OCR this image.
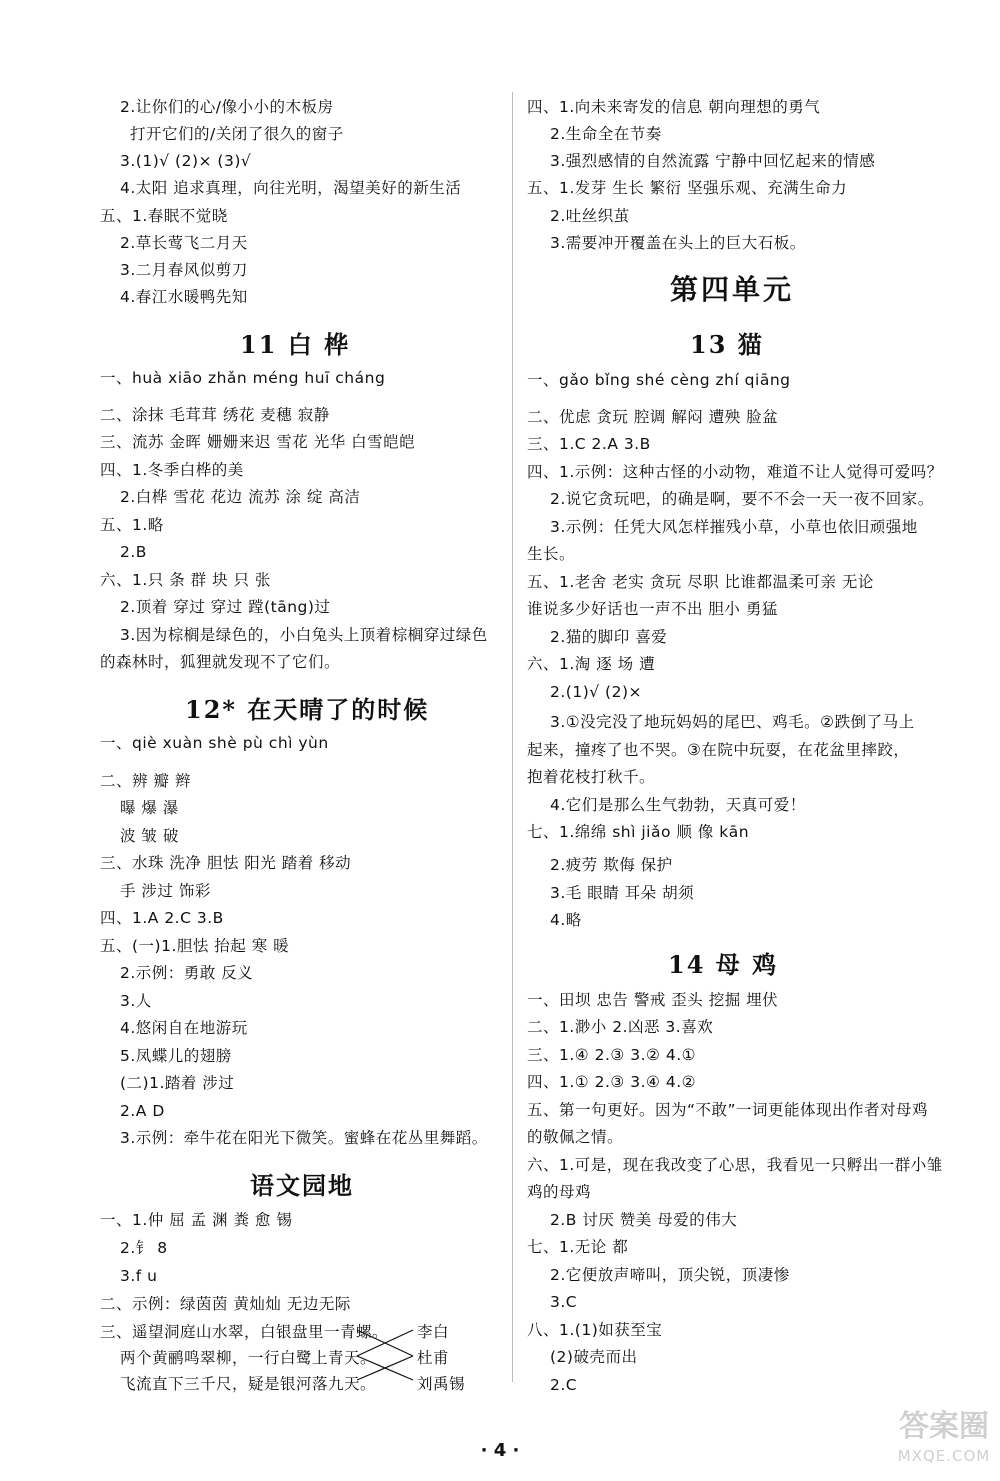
2.让你们的心/像小小的木板房
打开它们的/关闭了很久的窗子
3.(1)√ (2)× (3)√
4.太阳 追求真理，向往光明，渴望美好的新生活
五、1.春眠不觉晓
2.草长莺飞二月天
3.二月春风似剪刀
4.春江水暖鸭先知
11 白 桦
一、huà xiāo zhǎn méng huī cháng
二、涂抹 毛茸茸 绣花 麦穗 寂静
三、流苏 金晖 姗姗来迟 雪花 光华 白雪皑皑
四、1.冬季白桦的美
2.白桦 雪花 花边 流苏 涂 绽 高洁
五、1.略
2.B
六、1.只 条 群 块 只 张
2.顶着 穿过 穿过 蹚(tāng)过
3.因为棕榈是绿色的，小白兔头上顶着棕榈穿过绿色
的森林时，狐狸就发现不了它们。
12* 在天晴了的时候
一、qiè xuàn shè pù chì yùn
二、辨 瓣 辫
曝 爆 瀑
波 皱 破
三、水珠 洗净 胆怯 阳光 踏着 移动
手 涉过 饰彩
四、1.A 2.C 3.B
五、(一)1.胆怯 抬起 寒 暖
2.示例：勇敢 反义
3.人
4.悠闲自在地游玩
5.凤蝶儿的翅膀
(二)1.踏着 涉过
2.A D
3.示例：牵牛花在阳光下微笑。蜜蜂在花丛里舞蹈。
语文园地
一、1.仲 屈 孟 渊 粪 愈 锡
2.钅 8
3.f u
二、示例：绿茵茵 黄灿灿 无边无际
三、遥望洞庭山水翠，白银盘里一青螺。
两个黄鹂鸣翠柳，一行白鹭上青天。
飞流直下三千尺，疑是银河落九天。
李白
杜甫
刘禹锡
四、1.向未来寄发的信息 朝向理想的勇气
2.生命全在节奏
3.强烈感情的自然流露 宁静中回忆起来的情感
五、1.发芽 生长 繁衍 坚强乐观、充满生命力
2.吐丝织茧
3.需要冲开覆盖在头上的巨大石板。
第四单元
13 猫
一、gǎo bǐng shé cèng zhí qiāng
二、优虑 贪玩 腔调 解闷 遭殃 脸盆
三、1.C 2.A 3.B
四、1.示例：这种古怪的小动物，难道不让人觉得可爱吗？
2.说它贪玩吧，的确是啊，要不不会一天一夜不回家。
3.示例：任凭大风怎样摧残小草，小草也依旧顽强地
生长。
五、1.老舍 老实 贪玩 尽职 比谁都温柔可亲 无论
谁说多少好话也一声不出 胆小 勇猛
2.猫的脚印 喜爱
六、1.淘 逐 场 遭
2.(1)√ (2)×
3.①没完没了地玩妈妈的尾巴、鸡毛。②跌倒了马上
起来，撞疼了也不哭。③在院中玩耍，在花盆里摔跤，
抱着花枝打秋千。
4.它们是那么生气勃勃，天真可爱！
七、1.绵绵 shì jiǎo 顺 像 kān
2.疲劳 欺侮 保护
3.毛 眼睛 耳朵 胡须
4.略
14 母 鸡
一、田坝 忠告 警戒 歪头 挖掘 埋伏
二、1.渺小 2.凶恶 3.喜欢
三、1.④ 2.③ 3.② 4.①
四、1.① 2.③ 3.④ 4.②
五、第一句更好。因为“不敢”一词更能体现出作者对母鸡
的敬佩之情。
六、1.可是，现在我改变了心思，我看见一只孵出一群小雏
鸡的母鸡
2.B 讨厌 赞美 母爱的伟大
七、1.无论 都
2.它便放声啼叫，顶尖锐，顶凄惨
3.C
八、1.(1)如获至宝
(2)破壳而出
2.C
· 4 ·
答案圈
MXQE.COM
